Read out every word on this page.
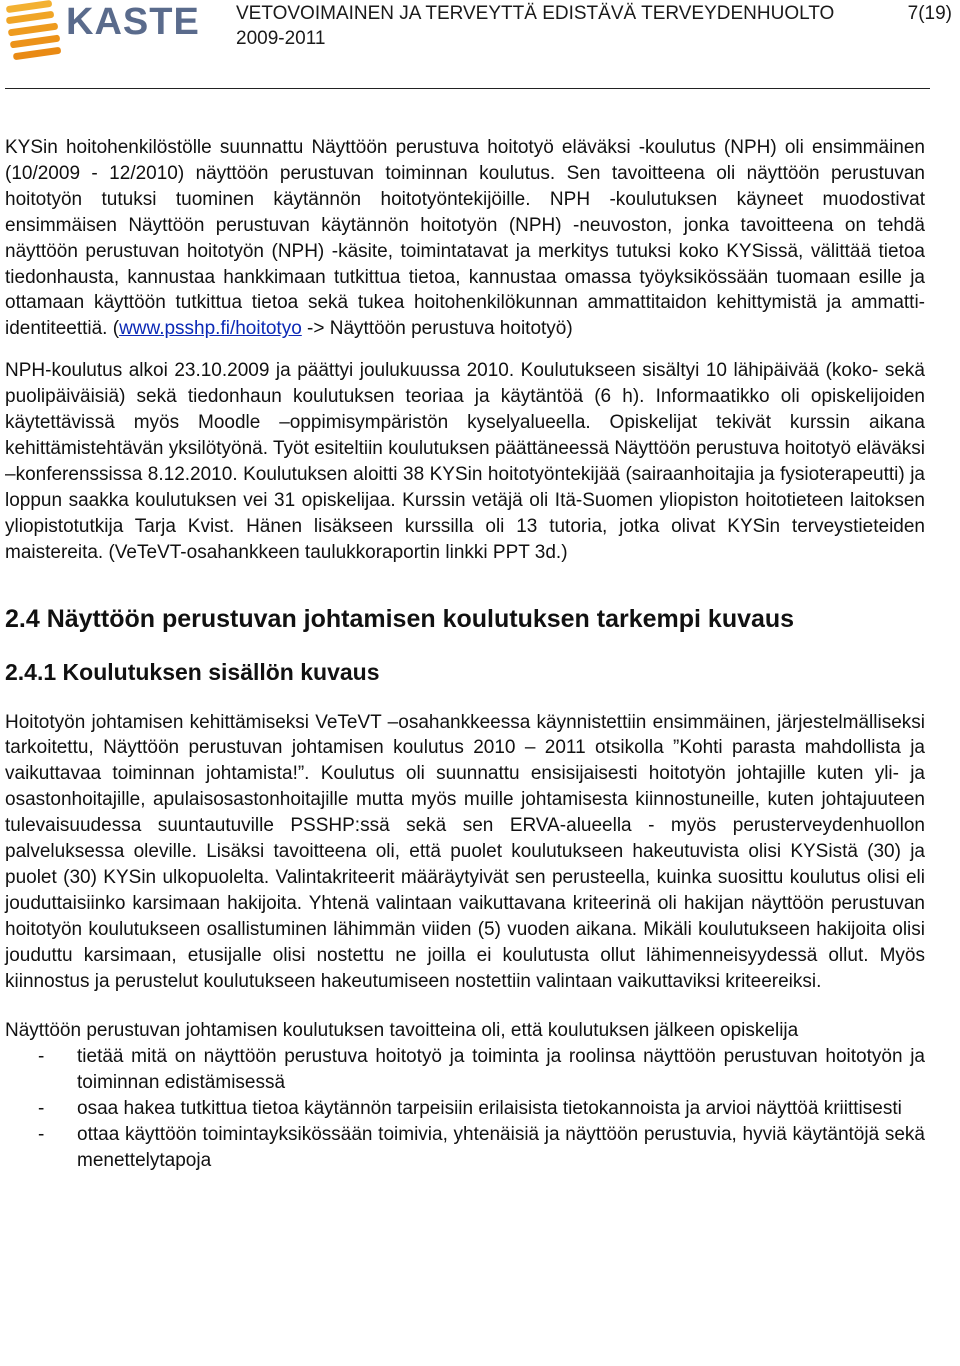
KASTE VETOVOIMAINEN JA TERVEYTTÄ EDISTÄVÄ TERVEYDENHUOLTO
2009-2011
7(19)

KYSin hoitohenkilöstölle suunnattu Näyttöön perustuva hoitotyö eläväksi -koulutus (NPH) oli ensimmäinen (10/2009 - 12/2010) näyttöön perustuvan toiminnan koulutus. Sen tavoitteena oli näyttöön perustuvan hoitotyön tutuksi tuominen käytännön hoitotyöntekijöille. NPH -koulutuksen käyneet muodostivat ensimmäisen Näyttöön perustuvan käytännön hoitotyön (NPH) -neuvoston, jonka tavoitteena on tehdä näyttöön perustuvan hoitotyön (NPH) -käsite, toimintatavat ja merkitys tutuksi koko KYSissä, välittää tietoa tiedonhausta, kannustaa hankkimaan tutkittua tietoa, kannustaa omassa työyksikössään tuomaan esille ja ottamaan käyttöön tutkittua tietoa sekä tukea hoitohenkilökunnan ammattitaidon kehittymistä ja ammatti-identiteettiä. (www.psshp.fi/hoitotyo -> Näyttöön perustuva hoitotyö)

NPH-koulutus alkoi 23.10.2009 ja päättyi joulukuussa 2010. Koulutukseen sisältyi 10 lähipäivää (koko- sekä puolipäiväisiä) sekä tiedonhaun koulutuksen teoriaa ja käytäntöä (6 h). Informaatikko oli opiskelijoiden käytettävissä myös Moodle –oppimisympäristön kyselyalueella. Opiskelijat tekivät kurssin aikana kehittämistehtävän yksilötyönä. Työt esiteltiin koulutuksen päättäneessä Näyttöön perustuva hoitotyö eläväksi –konferenssissa 8.12.2010. Koulutuksen aloitti 38 KYSin hoitotyöntekijää (sairaanhoitajia ja fysioterapeutti) ja loppun saakka koulutuksen vei 31 opiskelijaa. Kurssin vetäjä oli Itä-Suomen yliopiston hoitotieteen laitoksen yliopistotutkija Tarja Kvist. Hänen lisäkseen kurssilla oli 13 tutoria, jotka olivat KYSin terveystieteiden maistereita. (VeTeVT-osahankkeen taulukkoraportin linkki PPT 3d.)

2.4 Näyttöön perustuvan johtamisen koulutuksen tarkempi kuvaus
2.4.1 Koulutuksen sisällön kuvaus

Hoitotyön johtamisen kehittämiseksi VeTeVT –osahankkeessa käynnistettiin ensimmäinen, järjestelmälliseksi tarkoitettu, Näyttöön perustuvan johtamisen koulutus 2010 – 2011 otsikolla ”Kohti parasta mahdollista ja vaikuttavaa toiminnan johtamista!”. Koulutus oli suunnattu ensisijaisesti hoitotyön johtajille kuten yli- ja osastonhoitajille, apulaisosastonhoitajille mutta myös muille johtamisesta kiinnostuneille, kuten johtajuuteen tulevaisuudessa suuntautuville PSSHP:ssä sekä sen ERVA-alueella - myös perusterveydenhuollon palveluksessa oleville. Lisäksi tavoitteena oli, että puolet koulutukseen hakeutuvista olisi KYSistä (30) ja puolet (30) KYSin ulkopuolelta. Valintakriteerit määräytyivät sen perusteella, kuinka suosittu koulutus olisi eli jouduttaisiinko karsimaan hakijoita. Yhtenä valintaan vaikuttavana kriteerinä oli hakijan näyttöön perustuvan hoitotyön koulutukseen osallistuminen lähimmän viiden (5) vuoden aikana. Mikäli koulutukseen hakijoita olisi jouduttu karsimaan, etusijalle olisi nostettu ne joilla ei koulutusta ollut lähimenneisyydessä ollut. Myös kiinnostus ja perustelut koulutukseen hakeutumiseen nostettiin valintaan vaikuttaviksi kriteereiksi.

Näyttöön perustuvan johtamisen koulutuksen tavoitteina oli, että koulutuksen jälkeen opiskelija

-	tietää mitä on näyttöön perustuva hoitotyö ja toiminta ja roolinsa näyttöön perustuvan hoitotyön ja toiminnan edistämisessä
-	osaa hakea tutkittua tietoa käytännön tarpeisiin erilaisista tietokannoista ja arvioi näyttöä kriittisesti
-	ottaa käyttöön toimintayksikössään toimivia, yhtenäisiä ja näyttöön perustuvia, hyviä käytäntöjä sekä menettelytapoja
